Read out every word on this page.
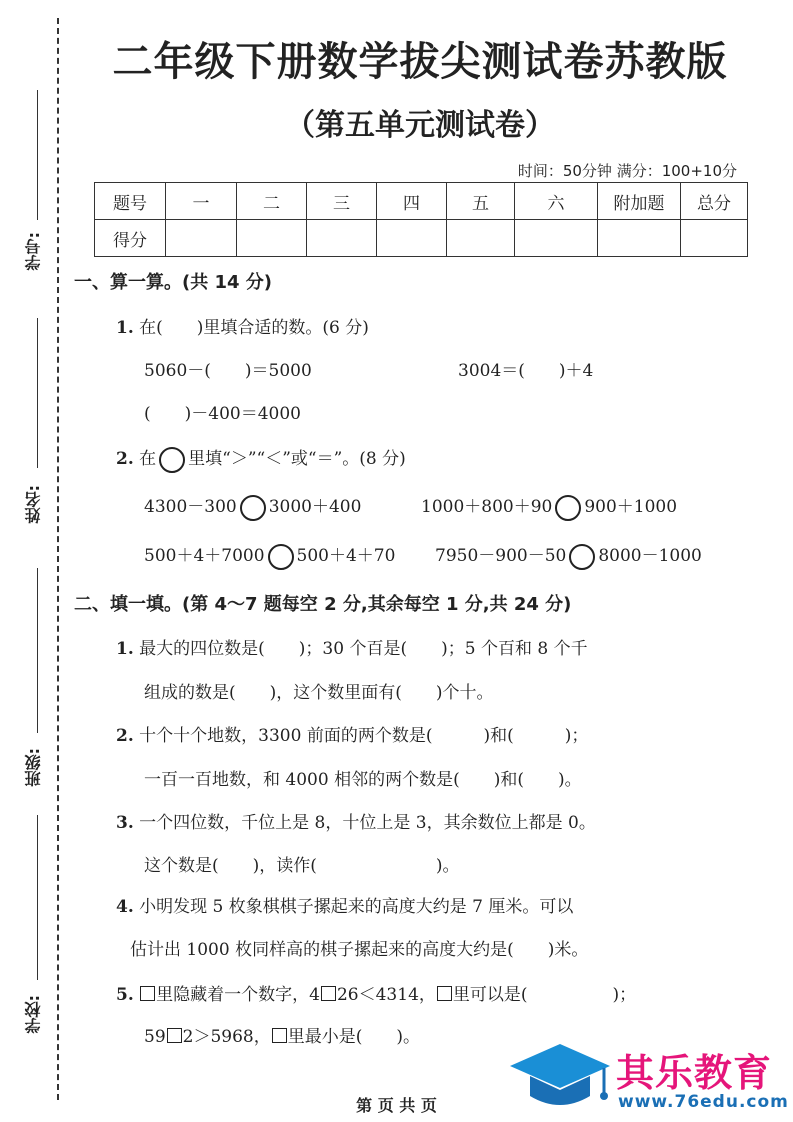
学号:
姓名:
班级:
学校:
二年级下册数学拔尖测试卷苏教版
（第五单元测试卷）
时间：50分钟 满分：100+10分
题号	一	二	三	四	五	六	附加题	总分
得分								
一、算一算。(共 14 分)
1. 在(　　)里填合适的数。(6 分)
5060－(　　)＝5000	3004＝(　　)＋4
(　　)－400＝4000
2. 在 里填“＞”“＜”或“＝”。(8 分)
4300－300 3000＋400	1000＋800＋90 900＋1000
500＋4＋7000 500＋4＋70 7950－900－50 8000－1000
二、填一填。(第 4～7 题每空 2 分,其余每空 1 分,共 24 分)
1. 最大的四位数是(　　)；30 个百是(　　)；5 个百和 8 个千
组成的数是(　　)，这个数里面有(　　)个十。
2. 十个十个地数，3300 前面的两个数是(　　　)和(　　　)；
一百一百地数，和 4000 相邻的两个数是(　　)和(　　)。
3. 一个四位数，千位上是 8，十位上是 3，其余数位上都是 0。
这个数是(　　)，读作(　　　　　　　)。
4. 小明发现 5 枚象棋棋子摞起来的高度大约是 7 厘米。可以
估计出 1000 枚同样高的棋子摞起来的高度大约是(　　)米。
5. 里隐藏着一个数字，4 26＜4314， 里可以是(　　　　　)；
59 2＞5968， 里最小是(　　)。
其乐教育
www.76edu.com
第 页 共 页
